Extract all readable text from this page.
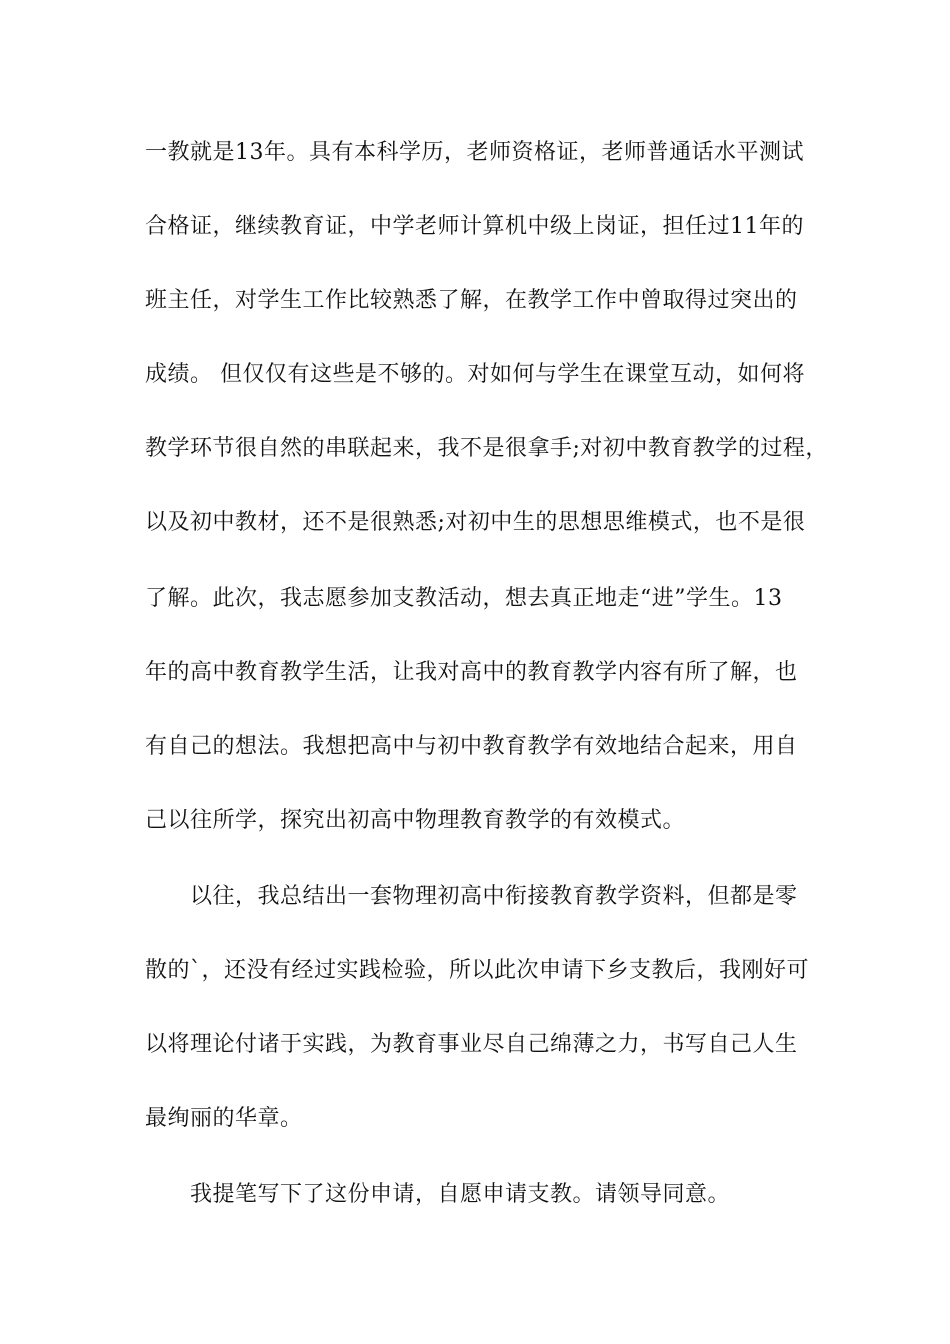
一教就是13年。具有本科学历，老师资格证，老师普通话水平测试
合格证，继续教育证，中学老师计算机中级上岗证，担任过11年的
班主任，对学生工作比较熟悉了解，在教学工作中曾取得过突出的
成绩。 但仅仅有这些是不够的。对如何与学生在课堂互动，如何将
教学环节很自然的串联起来，我不是很拿手;对初中教育教学的过程，
以及初中教材，还不是很熟悉;对初中生的思想思维模式，也不是很
了解。此次，我志愿参加支教活动，想去真正地走“进”学生。13
年的高中教育教学生活，让我对高中的教育教学内容有所了解，也
有自己的想法。我想把高中与初中教育教学有效地结合起来，用自
己以往所学，探究出初高中物理教育教学的有效模式。
以往，我总结出一套物理初高中衔接教育教学资料，但都是零
散的`，还没有经过实践检验，所以此次申请下乡支教后，我刚好可
以将理论付诸于实践，为教育事业尽自己绵薄之力，书写自己人生
最绚丽的华章。
我提笔写下了这份申请，自愿申请支教。请领导同意。
